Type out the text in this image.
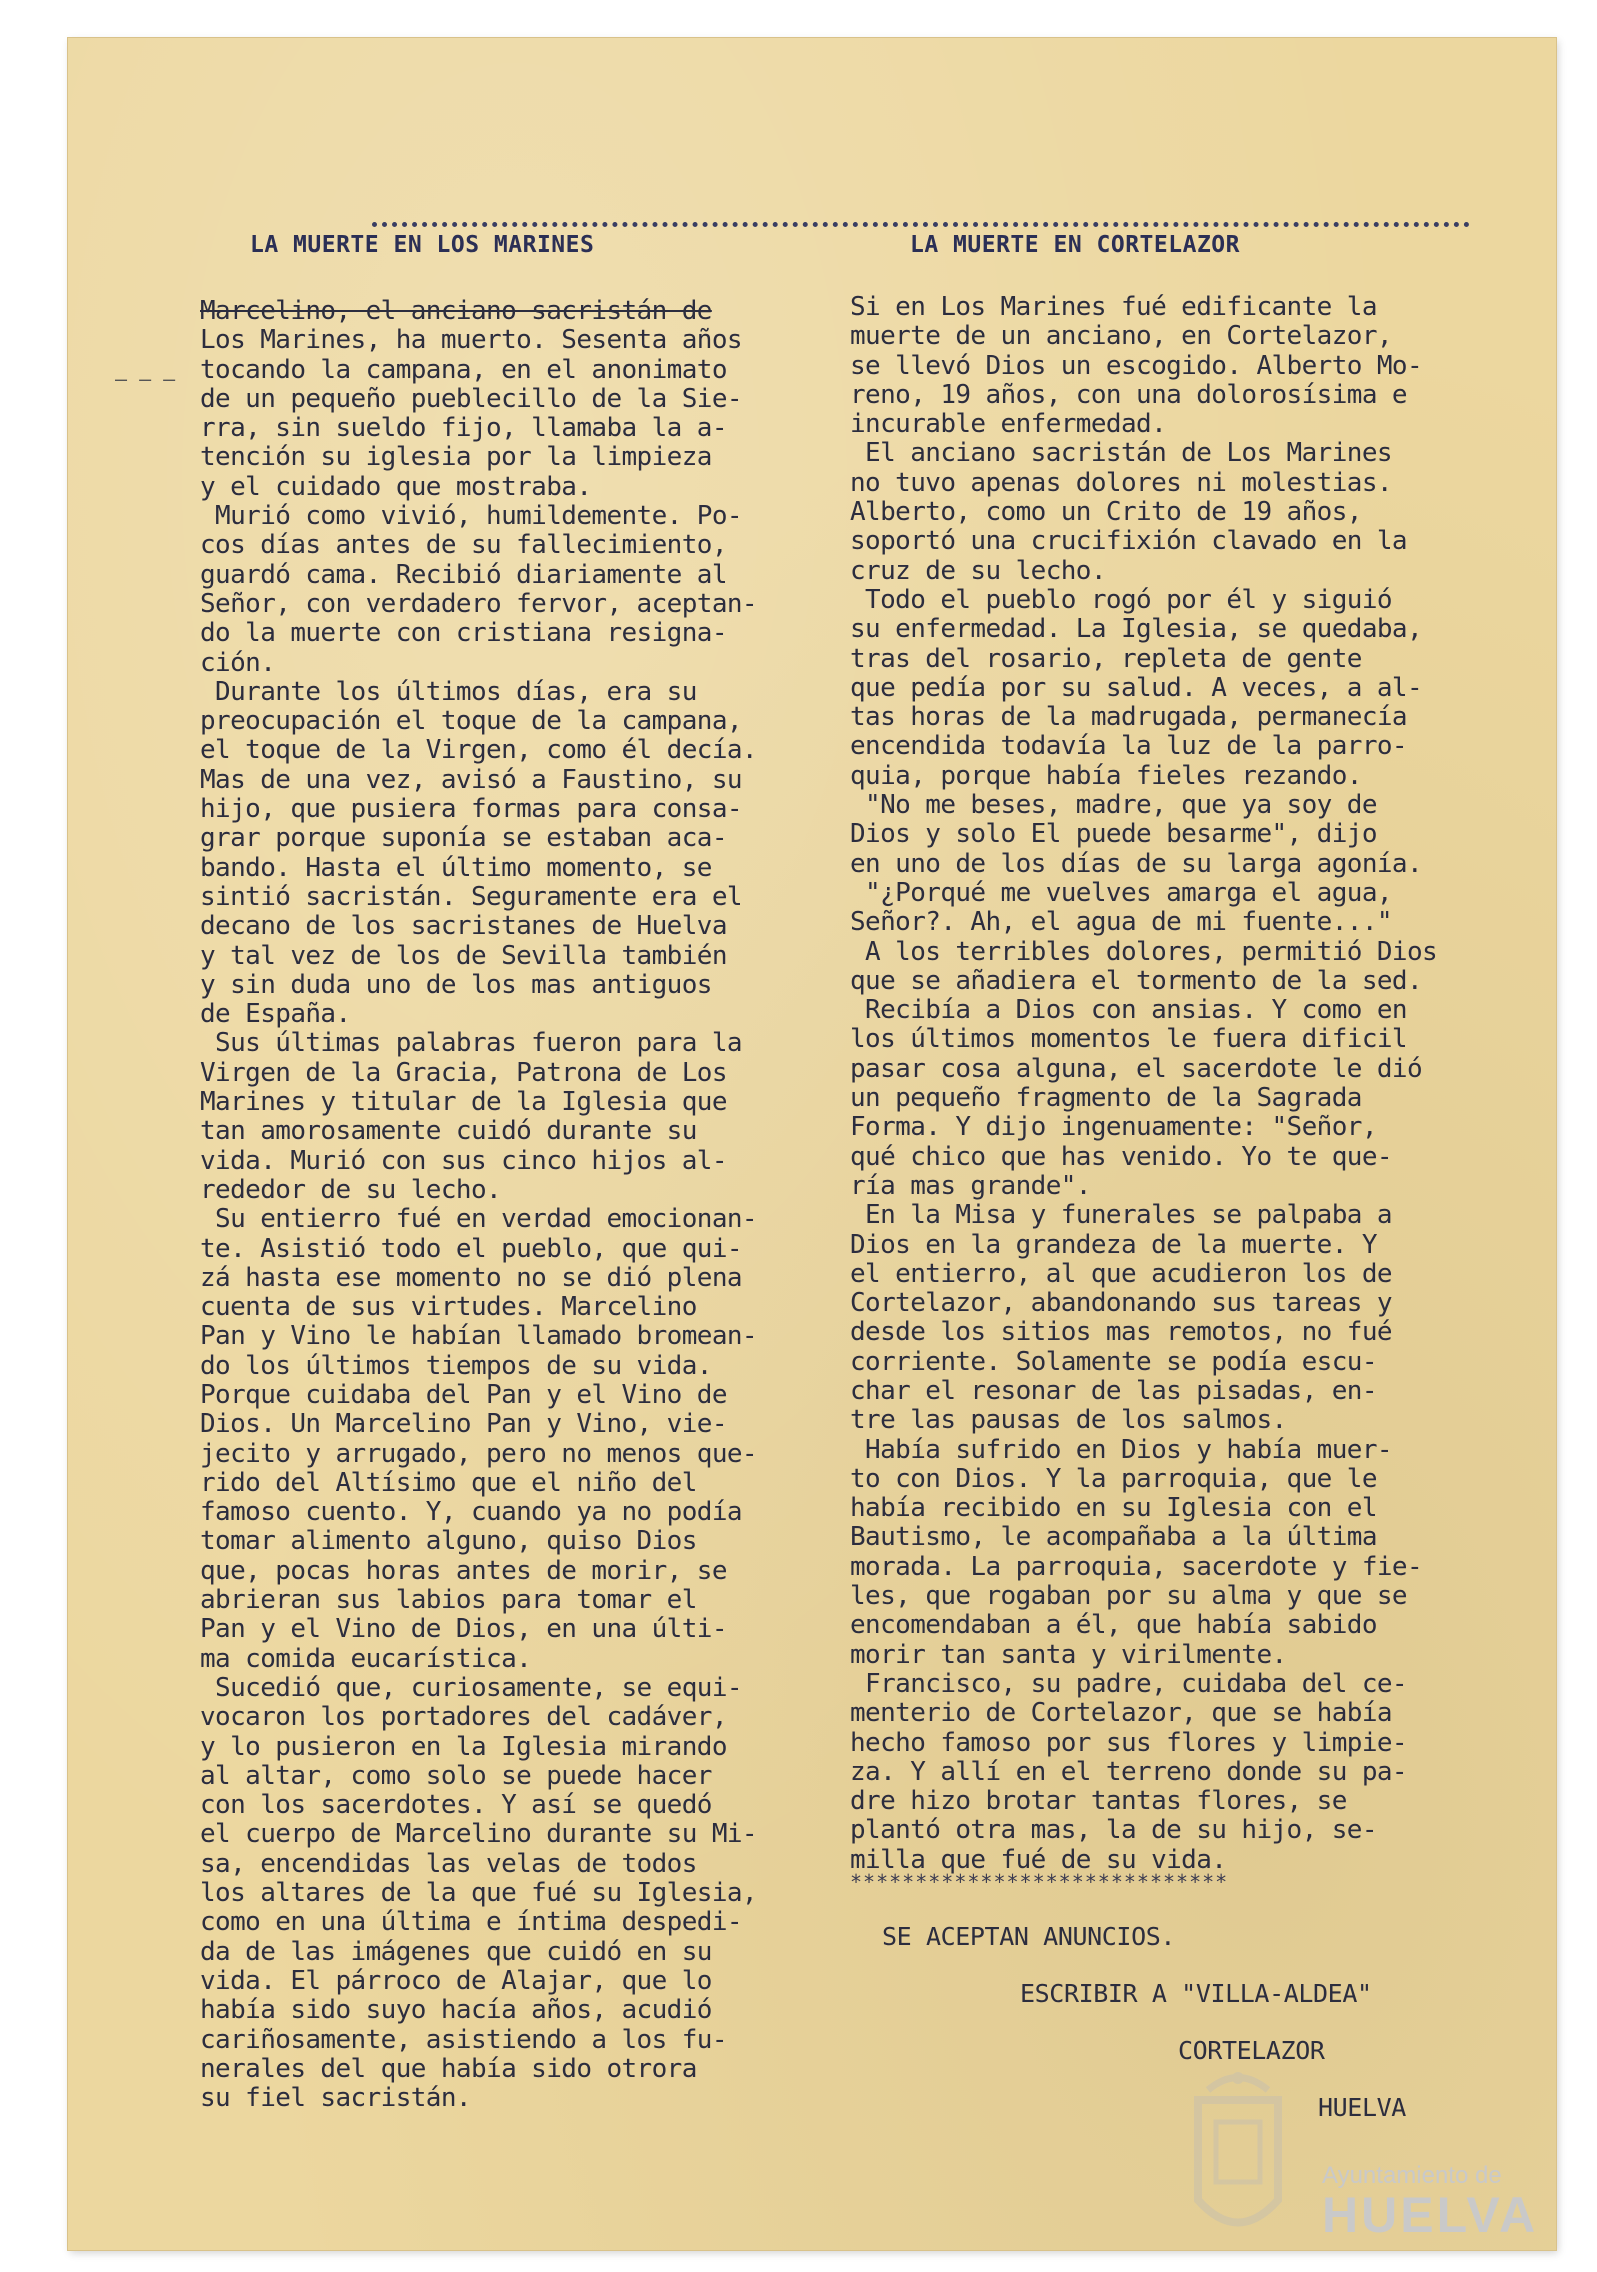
LA MUERTE EN LOS MARINES	LA MUERTE EN CORTELAZOR
— — —
Marcelino, el anciano sacristán de
Los Marines, ha muerto. Sesenta años
tocando la campana, en el anonimato
de un pequeño pueblecillo de la Sie-
rra, sin sueldo fijo, llamaba la a-
tención su iglesia por la limpieza
y el cuidado que mostraba.
Murió como vivió, humildemente. Po-
cos días antes de su fallecimiento,
guardó cama. Recibió diariamente al
Señor, con verdadero fervor, aceptan-
do la muerte con cristiana resigna-
ción.
Durante los últimos días, era su
preocupación el toque de la campana,
el toque de la Virgen, como él decía.
Mas de una vez, avisó a Faustino, su
hijo, que pusiera formas para consa-
grar porque suponía se estaban aca-
bando. Hasta el último momento, se
sintió sacristán. Seguramente era el
decano de los sacristanes de Huelva
y tal vez de los de Sevilla también
y sin duda uno de los mas antiguos
de España.
Sus últimas palabras fueron para la
Virgen de la Gracia, Patrona de Los
Marines y titular de la Iglesia que
tan amorosamente cuidó durante su
vida. Murió con sus cinco hijos al-
rededor de su lecho.
Su entierro fué en verdad emocionan-
te. Asistió todo el pueblo, que qui-
zá hasta ese momento no se dió plena
cuenta de sus virtudes. Marcelino
Pan y Vino le habían llamado bromean-
do los últimos tiempos de su vida.
Porque cuidaba del Pan y el Vino de
Dios. Un Marcelino Pan y Vino, vie-
jecito y arrugado, pero no menos que-
rido del Altísimo que el niño del
famoso cuento. Y, cuando ya no podía
tomar alimento alguno, quiso Dios
que, pocas horas antes de morir, se
abrieran sus labios para tomar el
Pan y el Vino de Dios, en una últi-
ma comida eucarística.
Sucedió que, curiosamente, se equi-
vocaron los portadores del cadáver,
y lo pusieron en la Iglesia mirando
al altar, como solo se puede hacer
con los sacerdotes. Y así se quedó
el cuerpo de Marcelino durante su Mi-
sa, encendidas las velas de todos
los altares de la que fué su Iglesia,
como en una última e íntima despedi-
da de las imágenes que cuidó en su
vida. El párroco de Alajar, que lo
había sido suyo hacía años, acudió
cariñosamente, asistiendo a los fu-
nerales del que había sido otrora
su fiel sacristán.
Si en Los Marines fué edificante la
muerte de un anciano, en Cortelazor,
se llevó Dios un escogido. Alberto Mo-
reno, 19 años, con una dolorosísima e
incurable enfermedad.
El anciano sacristán de Los Marines
no tuvo apenas dolores ni molestias.
Alberto, como un Crito de 19 años,
soportó una crucifixión clavado en la
cruz de su lecho.
Todo el pueblo rogó por él y siguió
su enfermedad. La Iglesia, se quedaba,
tras del rosario, repleta de gente
que pedía por su salud. A veces, a al-
tas horas de la madrugada, permanecía
encendida todavía la luz de la parro-
quia, porque había fieles rezando.
"No me beses, madre, que ya soy de
Dios y solo El puede besarme", dijo
en uno de los días de su larga agonía.
"¿Porqué me vuelves amarga el agua,
Señor?. Ah, el agua de mi fuente..."
A los terribles dolores, permitió Dios
que se añadiera el tormento de la sed.
Recibía a Dios con ansias. Y como en
los últimos momentos le fuera dificil
pasar cosa alguna, el sacerdote le dió
un pequeño fragmento de la Sagrada
Forma. Y dijo ingenuamente: "Señor,
qué chico que has venido. Yo te que-
ría mas grande".
En la Misa y funerales se palpaba a
Dios en la grandeza de la muerte. Y
el entierro, al que acudieron los de
Cortelazor, abandonando sus tareas y
desde los sitios mas remotos, no fué
corriente. Solamente se podía escu-
char el resonar de las pisadas, en-
tre las pausas de los salmos.
Había sufrido en Dios y había muer-
to con Dios. Y la parroquia, que le
había recibido en su Iglesia con el
Bautismo, le acompañaba a la última
morada. La parroquia, sacerdote y fie-
les, que rogaban por su alma y que se
encomendaban a él, que había sabido
morir tan santa y virilmente.
Francisco, su padre, cuidaba del ce-
menterio de Cortelazor, que se había
hecho famoso por sus flores y limpie-
za. Y allí en el terreno donde su pa-
dre hizo brotar tantas flores, se
plantó otra mas, la de su hijo, se-
milla que fué de su vida.
*****************************
SE ACEPTAN ANUNCIOS.
ESCRIBIR A "VILLA-ALDEA"
CORTELAZOR
HUELVA
Ayuntamiento de
HUELVA
